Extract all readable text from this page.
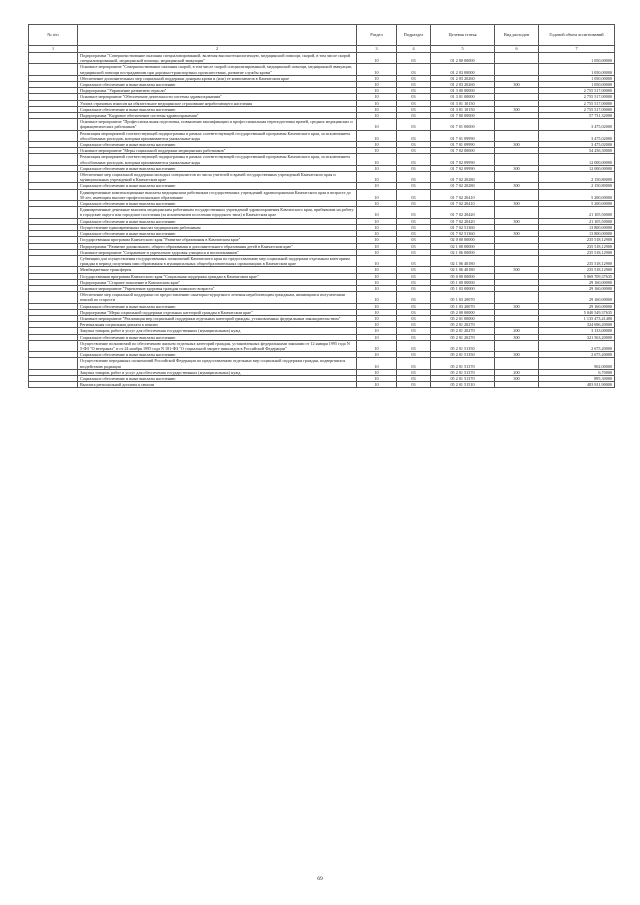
№ п/п		Раздел	Подраздел	Целевая статья	Вид расходов	Годовой объем ассигнований
1	2	3	4	5	6	7
	Подпрограмма "Совершенствование оказания специализированной, включая высокотехнологичную, медицинской помощи, скорой, в том числе скорой специализированной, медицинской помощи, медицинской эвакуации"	10	03	01 2 00 00000		1 050,00000
	Основное мероприятие "Совершенствование оказания скорой, в том числе скорой специализированной, медицинской помощи, медицинской эвакуации, медицинской помощи пострадавшим при дорожно-транспортных происшествиях, развитие службы крови"	10	03	01 2 03 00000		1 050,00000
	Обеспечение дополнительных мер социальной поддержки донорам крови и (или) ее компонентов в Камчатском крае	10	03	01 2 03 20260		1 050,00000
	Социальное обеспечение и иные выплаты населению	10	03	01 2 03 20260	300	1 050,00000
	Подпрограмма "Управление развитием отрасли"	10	03	01 3 00 00000		2 755 517,00000
	Основное мероприятие "Обеспечение деятельности системы здравоохранения"	10	03	01 3 01 00000		2 755 517,00000
	Уплата страховых взносов на обязательное медицинское страхование неработающего населения	10	03	01 3 01 10150		2 755 517,00000
	Социальное обеспечение и иные выплаты населению	10	03	01 3 01 10150	300	2 755 517,00000
	Подпрограмма "Кадровое обеспечение системы здравоохранения"	10	03	01 7 00 00000		57 731,32000
	Основное мероприятие "Профессиональная подготовка, повышение квалификации и профессиональная переподготовка врачей, средних медицинских и фармацевтических работников"	10	03	01 7 01 00000		3 475,02000
	Реализация мероприятий соответствующей подпрограммы в рамках соответствующей государственной программы Камчатского края, за исключением обособленных расходов, которым присваиваются уникальные коды	10	03	01 7 01 09990		3 475,02000
	Социальное обеспечение и иные выплаты населению	10	03	01 7 01 09990	300	3 475,02000
	Основное мероприятие "Меры социальной поддержки медицинских работников"	10	03	01 7 02 00000		54 256,30000
	Реализация мероприятий соответствующей подпрограммы в рамках соответствующей государственной программы Камчатского края, за исключением обособленных расходов, которым присваиваются уникальные коды	10	03	01 7 02 09990		12 000,00000
	Социальное обеспечение и иные выплаты населению	10	03	01 7 02 09990	300	12 000,00000
	Обеспечение мер социальной поддержки молодых специалистов из числа учителей и врачей государственных учреждений Камчатского края и муниципальных учреждений в Камчатском крае	10	03	01 7 02 20280		2 150,80000
	Социальное обеспечение и иные выплаты населению	10	03	01 7 02 20280	300	2 150,80000
	Единовременные компенсационные выплаты медицинским работникам государственных учреждений здравоохранения Камчатского края в возрасте до 50 лет, имеющим высшее профессиональное образование	10	03	01 7 02 20410		5 200,00000
	Социальное обеспечение и иные выплаты населению	10	03	01 7 02 20410	300	5 200,00000
	Единовременные денежные выплаты медицинским работникам государственных учреждений здравоохранения Камчатского края, прибывшим на работу в городские округа или городские поселения (за исключением поселения городского типа) в Камчатском крае	10	03	01 7 02 20420		21 105,50000
	Социальное обеспечение и иные выплаты населению	10	03	01 7 02 20420	300	21 105,50000
	Осуществление единовременных выплат медицинским работникам	10	03	01 7 02 51360		13 800,00000
	Социальное обеспечение и иные выплаты населению	10	03	01 7 02 51360	300	13 800,00000
	Государственная программа Камчатского края "Развитие образования в Камчатском крае"	10	03	02 0 00 00000		235 518,12900
	Подпрограмма "Развитие дошкольного, общего образования и дополнительного образования детей в Камчатском крае"	10	03	02 1 00 00000		235 518,12900
	Основное мероприятие "Сохранение и укрепление здоровья учащихся и воспитанников"	10	03	02 1 06 00000		235 518,12900
	Субвенции для осуществления государственных полномочий Камчатского края по предоставлению мер социальной поддержки отдельным категориям граждан в период получения ими образования в муниципальных общеобразовательных организациях в Камчатском крае	10	03	02 1 06 40180		235 518,12900
	Межбюджетные трансферты	10	03	02 1 06 40180	500	235 518,12900
	Государственная программа Камчатского края "Социальная поддержка граждан в Камчатском крае"	10	03	05 0 00 00000		5 069 709,37635
	Подпрограмма "Старшее поколение в Камчатском крае"	10	03	05 1 00 00000		29 160,00000
	Основное мероприятие "Укрепление здоровья граждан пожилого возраста"	10	03	05 1 03 00000		29 160,00000
	Обеспечение мер социальной поддержки по предоставлению санаторно-курортного лечения неработающим гражданам, являющимся получателями пенсий по старости	10	03	05 1 03 20070		29 160,00000
	Социальное обеспечение и иные выплаты населению	10	03	05 1 03 20070	300	29 160,00000
	Подпрограмма "Меры социальной поддержки отдельных категорий граждан в Камчатском крае"	10	03	05 2 00 00000		5 040 549,37635
	Основное мероприятие "Реализация мер социальной поддержки отдельных категорий граждан, установленных федеральным законодательством"	10	03	05 2 01 00000		1 135 473,41400
	Региональная социальная доплата к пенсии	10	03	05 2 01 20270		324 696,20000
	Закупка товаров, работ и услуг для обеспечения государственных (муниципальных) нужд	10	03	05 2 01 20270	200	3 133,00000
	Социальное обеспечение и иные выплаты населению	10	03	05 2 01 20270	300	321 563,20000
	Осуществление полномочий по обеспечению жильем отдельных категорий граждан, установленных федеральными законами от 12 января 1995 года N 5-ФЗ "О ветеранах" и от 24 ноября 1995 года N 181-ФЗ "О социальной защите инвалидов в Российской Федерации"	10	03	05 2 01 51350		2 675,20000
	Социальное обеспечение и иные выплаты населению	10	03	05 2 01 51350	300	2 675,20000
	Осуществление переданных полномочий Российской Федерации по предоставлению отдельных мер социальной поддержки граждан, подвергшихся воздействию радиации	10	03	05 2 01 51370		902,00000
	Закупка товаров, работ и услуг для обеспечения государственных (муниципальных) нужд	10	03	05 2 01 51370	200	6,70000
	Социальное обеспечение и иные выплаты населению	10	03	05 2 01 51370	300	895,30000
	Выплата региональной доплаты к пенсии	10	03	05 2 01 51510		483 811,90000
69
